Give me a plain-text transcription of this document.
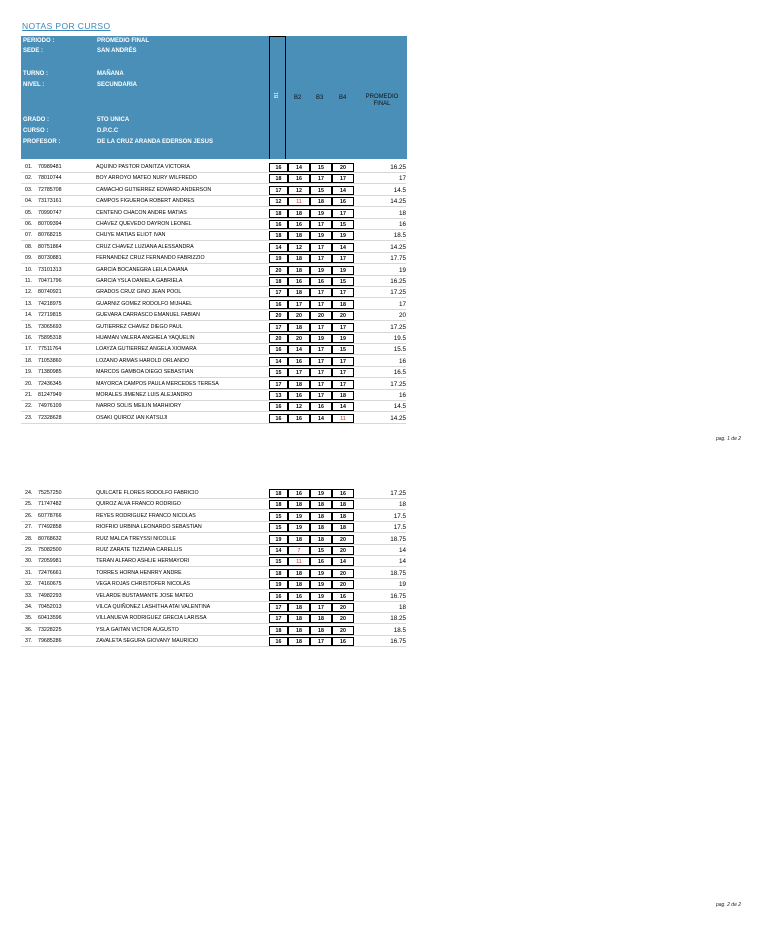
NOTAS POR CURSO
PERIODO :	PROMEDIO FINAL
SEDE :	SAN ANDRÉS
TURNO :	MAÑANA
NIVEL :	SECUNDARIA
GRADO :	5TO UNICA
CURSO :	D.P.C.C
PROFESOR :	DE LA CRUZ ARANDA EDERSON JESUS
B1 B2 B3	B4	PROMEDIO
FINAL
01. 70989481	AQUINO PASTOR DANITZA VICTORIA	16	14	15	20	16.25
02. 78010744	BOY ARROYO MATEO NURY WILFREDO	18	16	17	17	17
03. 72785708	CAMACHO GUTIERREZ EDWARD ANDERSON	17	12	15	14	14.5
04. 73173161	CAMPOS FIGUEROA ROBERT ANDRES	12	11	18	16	14.25
05. 70990747	CENTENO CHACON ANDRE MATIAS	18	18	19	17	18
06. 80709394	CHÁVEZ QUEVEDO DAYRON LEONEL	16	16	17	15	16
07. 80768215	CHUYE MATIAS ELIOT IVAN	18	18	19	19	18.5
08. 80751864	CRUZ CHAVEZ LUZIANA ALESSANDRA	14	12	17	14	14.25
09. 80730881	FERNANDEZ CRUZ FERNANDO FABRIZZIO	19	18	17	17	17.75
10. 73101313	GARCIA BOCANEGRA LEILA DAIANA	20	18	19	19	19
11. 70471796	GARCIA YSLA DANIELA GABRIELA	18	16	16	15	16.25
12. 80740921	GRADOS CRUZ GINO JEAN POOL	17	18	17	17	17.25
13. 74218975	GUARNIZ GOMEZ RODOLFO MIJHAEL	16	17	17	18	17
14. 72719815	GUEVARA CARRASCO EMANUEL FABIAN	20	20	20	20	20
15. 73065693	GUTIERREZ CHAVEZ DIEGO PAUL	17	18	17	17	17.25
16. 75895318	HUAMAN VALERA ANGHELA YAQUELIN	20	20	19	19	19.5
17. 77511764	LOAYZA GUTIERREZ ANGELA XIOMARA	16	14	17	15	15.5
18. 71053860	LOZANO ARMAS HAROLD ORLANDO	14	16	17	17	16
19. 71380985	MARCOS GAMBOA DIEGO SEBASTIAN	15	17	17	17	16.5
20. 72436345	MAYORCA CAMPOS PAULA MERCEDES TERESA	17	18	17	17	17.25
21. 81247949	MORALES JIMENEZ LUIS ALEJANDRO	13	16	17	18	16
22. 74976109	NARRO SOLIS MEILIN MARHIORY	16	12	16	14	14.5
23. 72328628	OSAKI QUIROZ IAN KATSUJI	16	16	14	11	14.25
pag. 1 de 2
24. 75257250	QUILCATE FLORES RODOLFO FABRICIO	18	16	19	16	17.25
25. 71747482	QUIROZ ALVA FRANCO RODRIGO	18	18	18	18	18
26. 60778766	REYES RODRIGUEZ FRANCO NICOLAS	15	19	18	18	17.5
27. 77492858	RIOFRIO URBINA LEONARDO SEBASTIAN	15	19	18	18	17.5
28. 80768632	RUIZ MALCA TREYSSI NICOLLE	19	18	18	20	18.75
29. 75082500	RUIZ ZARATE TIZZIANA CARELLIS	14	7	15	20	14
30. 72059981	TERAN ALFARO ASHLIE HERMAYORI	15	11	16	14	14
31. 72476661	TORRES HORNA HENRRY ANDRE	18	18	19	20	18.75
32. 74160675	VEGA ROJAS CHRISTOFER NICOLÁS	19	18	19	20	19
33. 74982293	VELARDE BUSTAMANTE JOSE MATEO	16	16	19	16	16.75
34. 70452013	VILCA QUIÑONEZ LASHITHA ATAI VALENTINA	17	18	17	20	18
35. 60413596	VILLANUEVA RODRIGUEZ GRECIA LARISSA	17	18	18	20	18.25
36. 73228225	YSLA GAITAN VICTOR AUGUSTO	18	18	18	20	18.5
37. 79685286	ZAVALETA SEGURA GIOVANY MAURICIO	16	18	17	16	16.75
pag. 2 de 2
